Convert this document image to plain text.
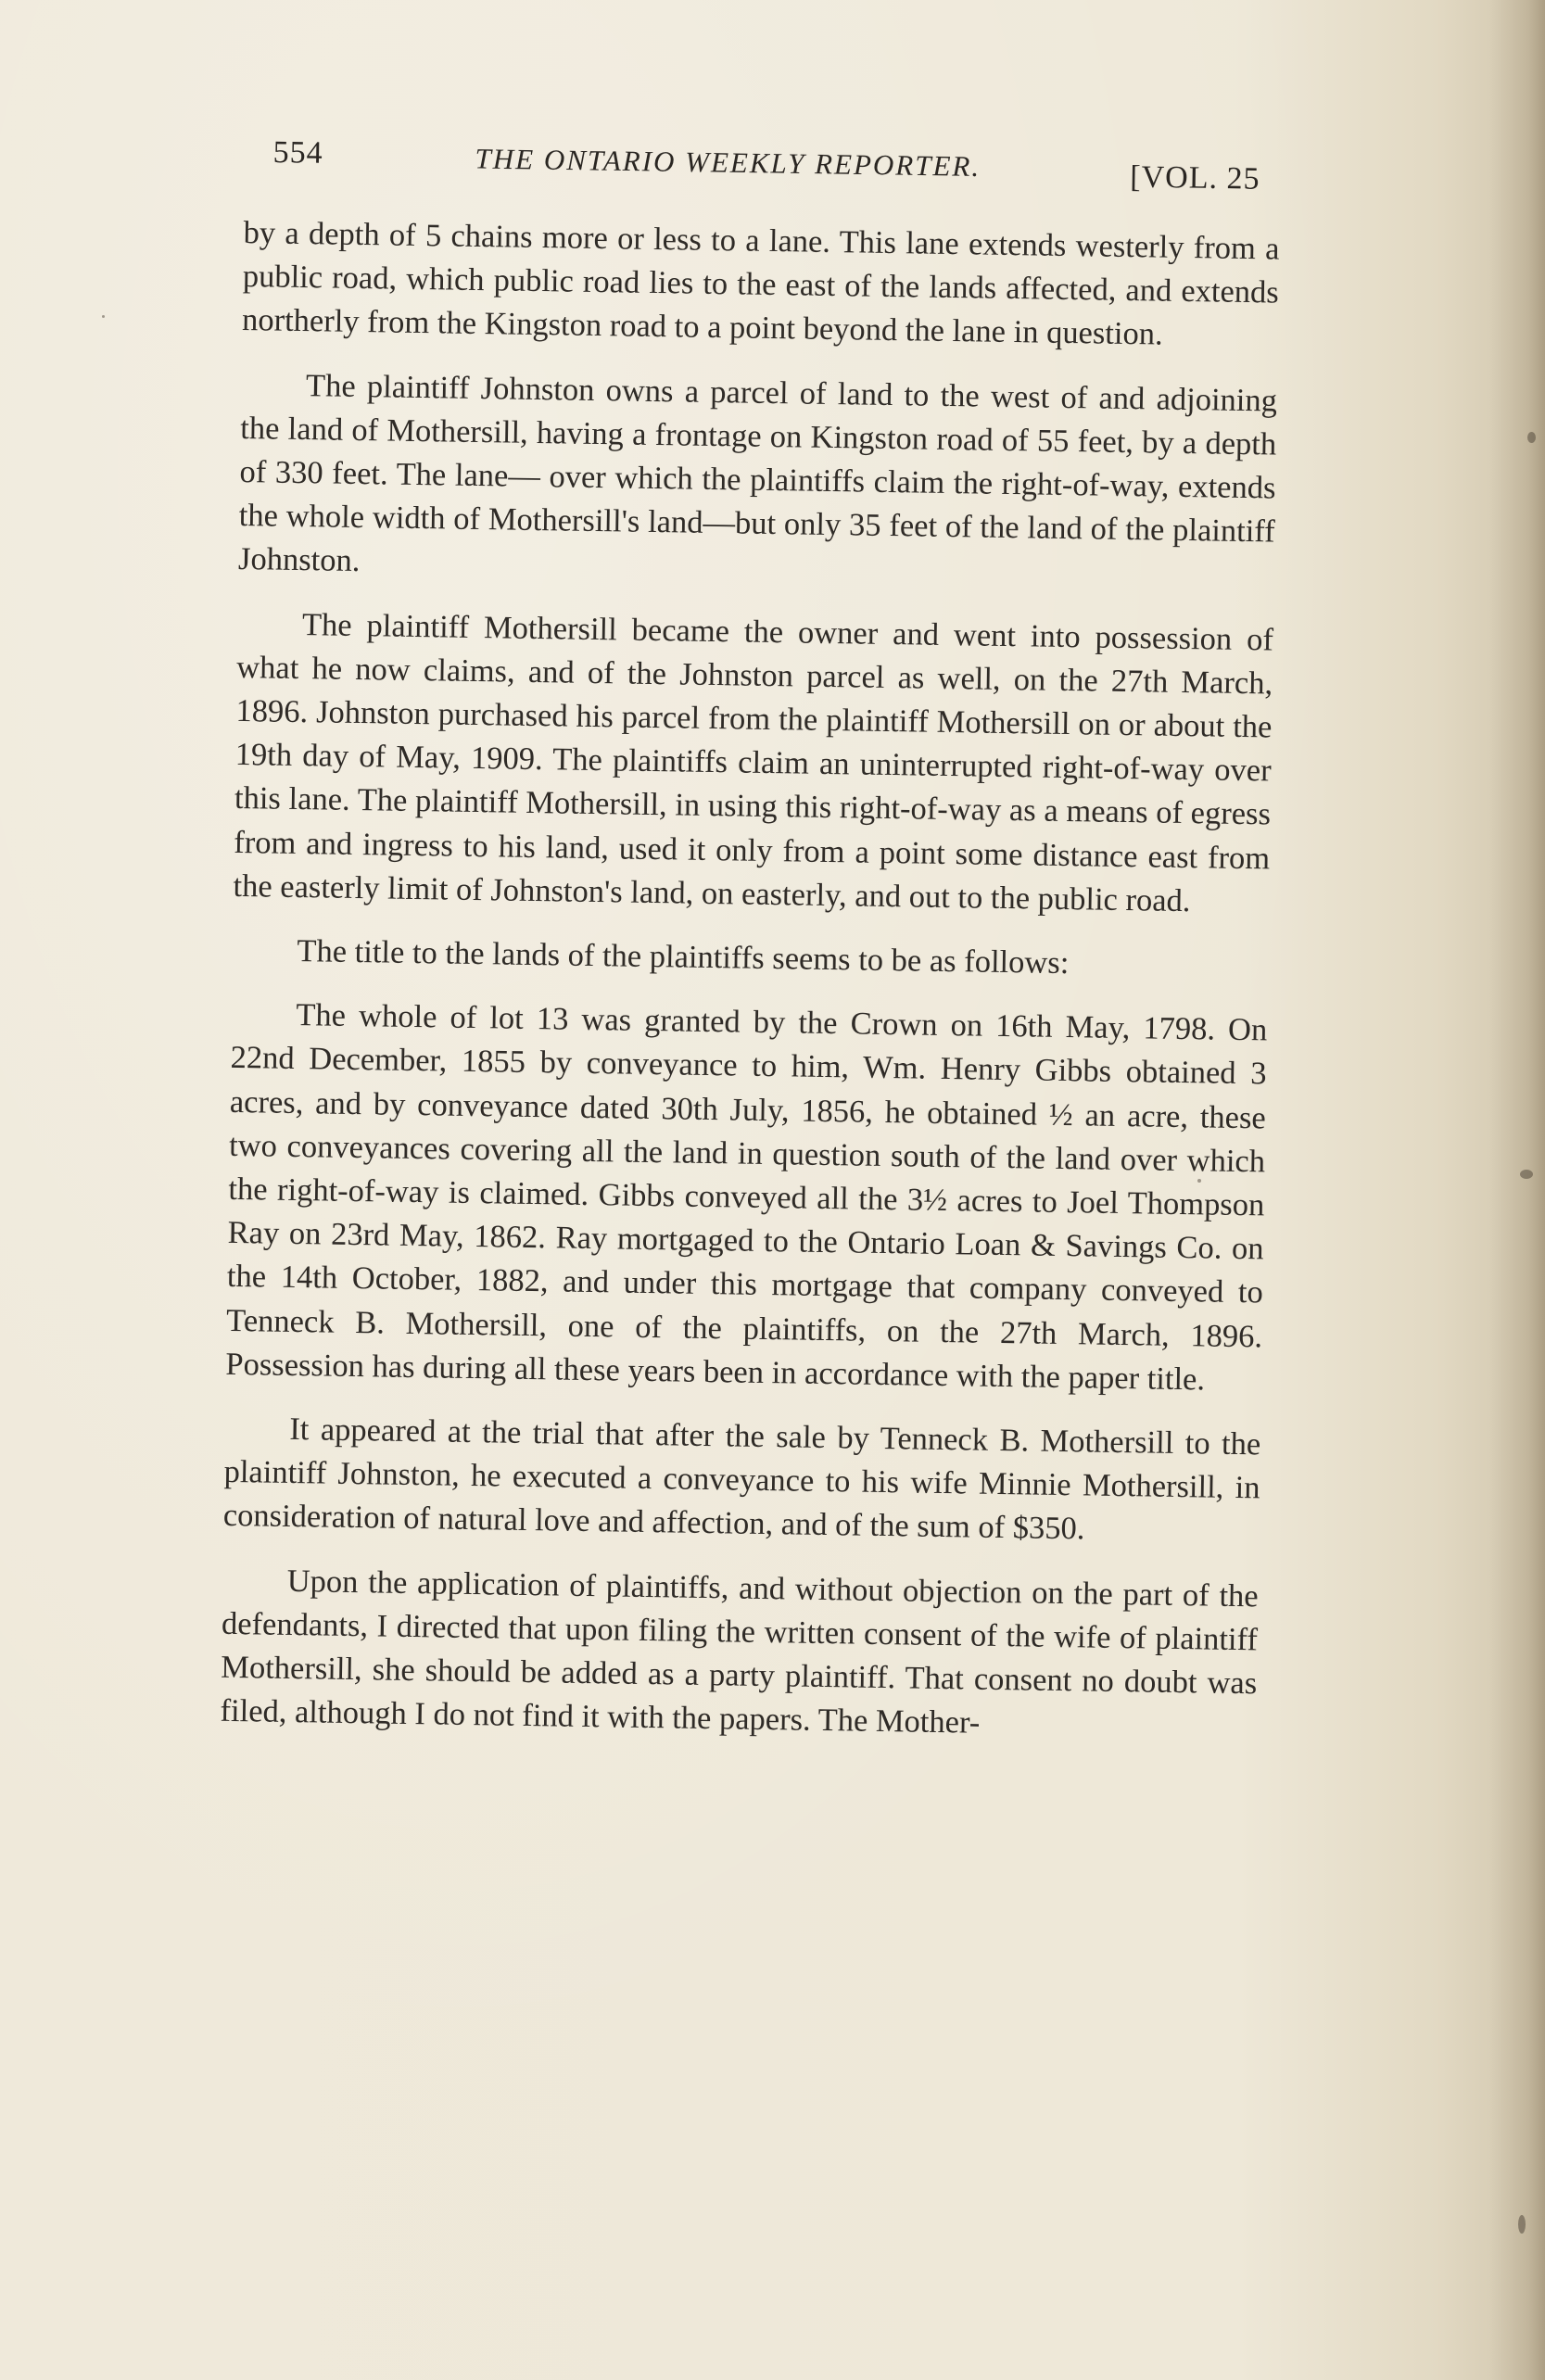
554	THE ONTARIO WEEKLY REPORTER.	[VOL. 25

by a depth of 5 chains more or less to a lane. This lane extends westerly from a public road, which public road lies to the east of the lands affected, and extends northerly from the Kingston road to a point beyond the lane in question.

The plaintiff Johnston owns a parcel of land to the west of and adjoining the land of Mothersill, having a frontage on Kingston road of 55 feet, by a depth of 330 feet. The lane— over which the plaintiffs claim the right-of-way, extends the whole width of Mothersill's land—but only 35 feet of the land of the plaintiff Johnston.

The plaintiff Mothersill became the owner and went into possession of what he now claims, and of the Johnston parcel as well, on the 27th March, 1896. Johnston purchased his parcel from the plaintiff Mothersill on or about the 19th day of May, 1909. The plaintiffs claim an uninterrupted right-of-way over this lane. The plaintiff Mothersill, in using this right-of-way as a means of egress from and ingress to his land, used it only from a point some distance east from the easterly limit of Johnston's land, on easterly, and out to the public road.

The title to the lands of the plaintiffs seems to be as follows:

The whole of lot 13 was granted by the Crown on 16th May, 1798. On 22nd December, 1855 by conveyance to him, Wm. Henry Gibbs obtained 3 acres, and by conveyance dated 30th July, 1856, he obtained ½ an acre, these two conveyances covering all the land in question south of the land over which the right-of-way is claimed. Gibbs conveyed all the 3½ acres to Joel Thompson Ray on 23rd May, 1862. Ray mortgaged to the Ontario Loan & Savings Co. on the 14th October, 1882, and under this mortgage that company conveyed to Tenneck B. Mothersill, one of the plaintiffs, on the 27th March, 1896. Possession has during all these years been in accordance with the paper title.

It appeared at the trial that after the sale by Tenneck B. Mothersill to the plaintiff Johnston, he executed a conveyance to his wife Minnie Mothersill, in consideration of natural love and affection, and of the sum of $350.

Upon the application of plaintiffs, and without objection on the part of the defendants, I directed that upon filing the written consent of the wife of plaintiff Mothersill, she should be added as a party plaintiff. That consent no doubt was filed, although I do not find it with the papers. The Mother-
